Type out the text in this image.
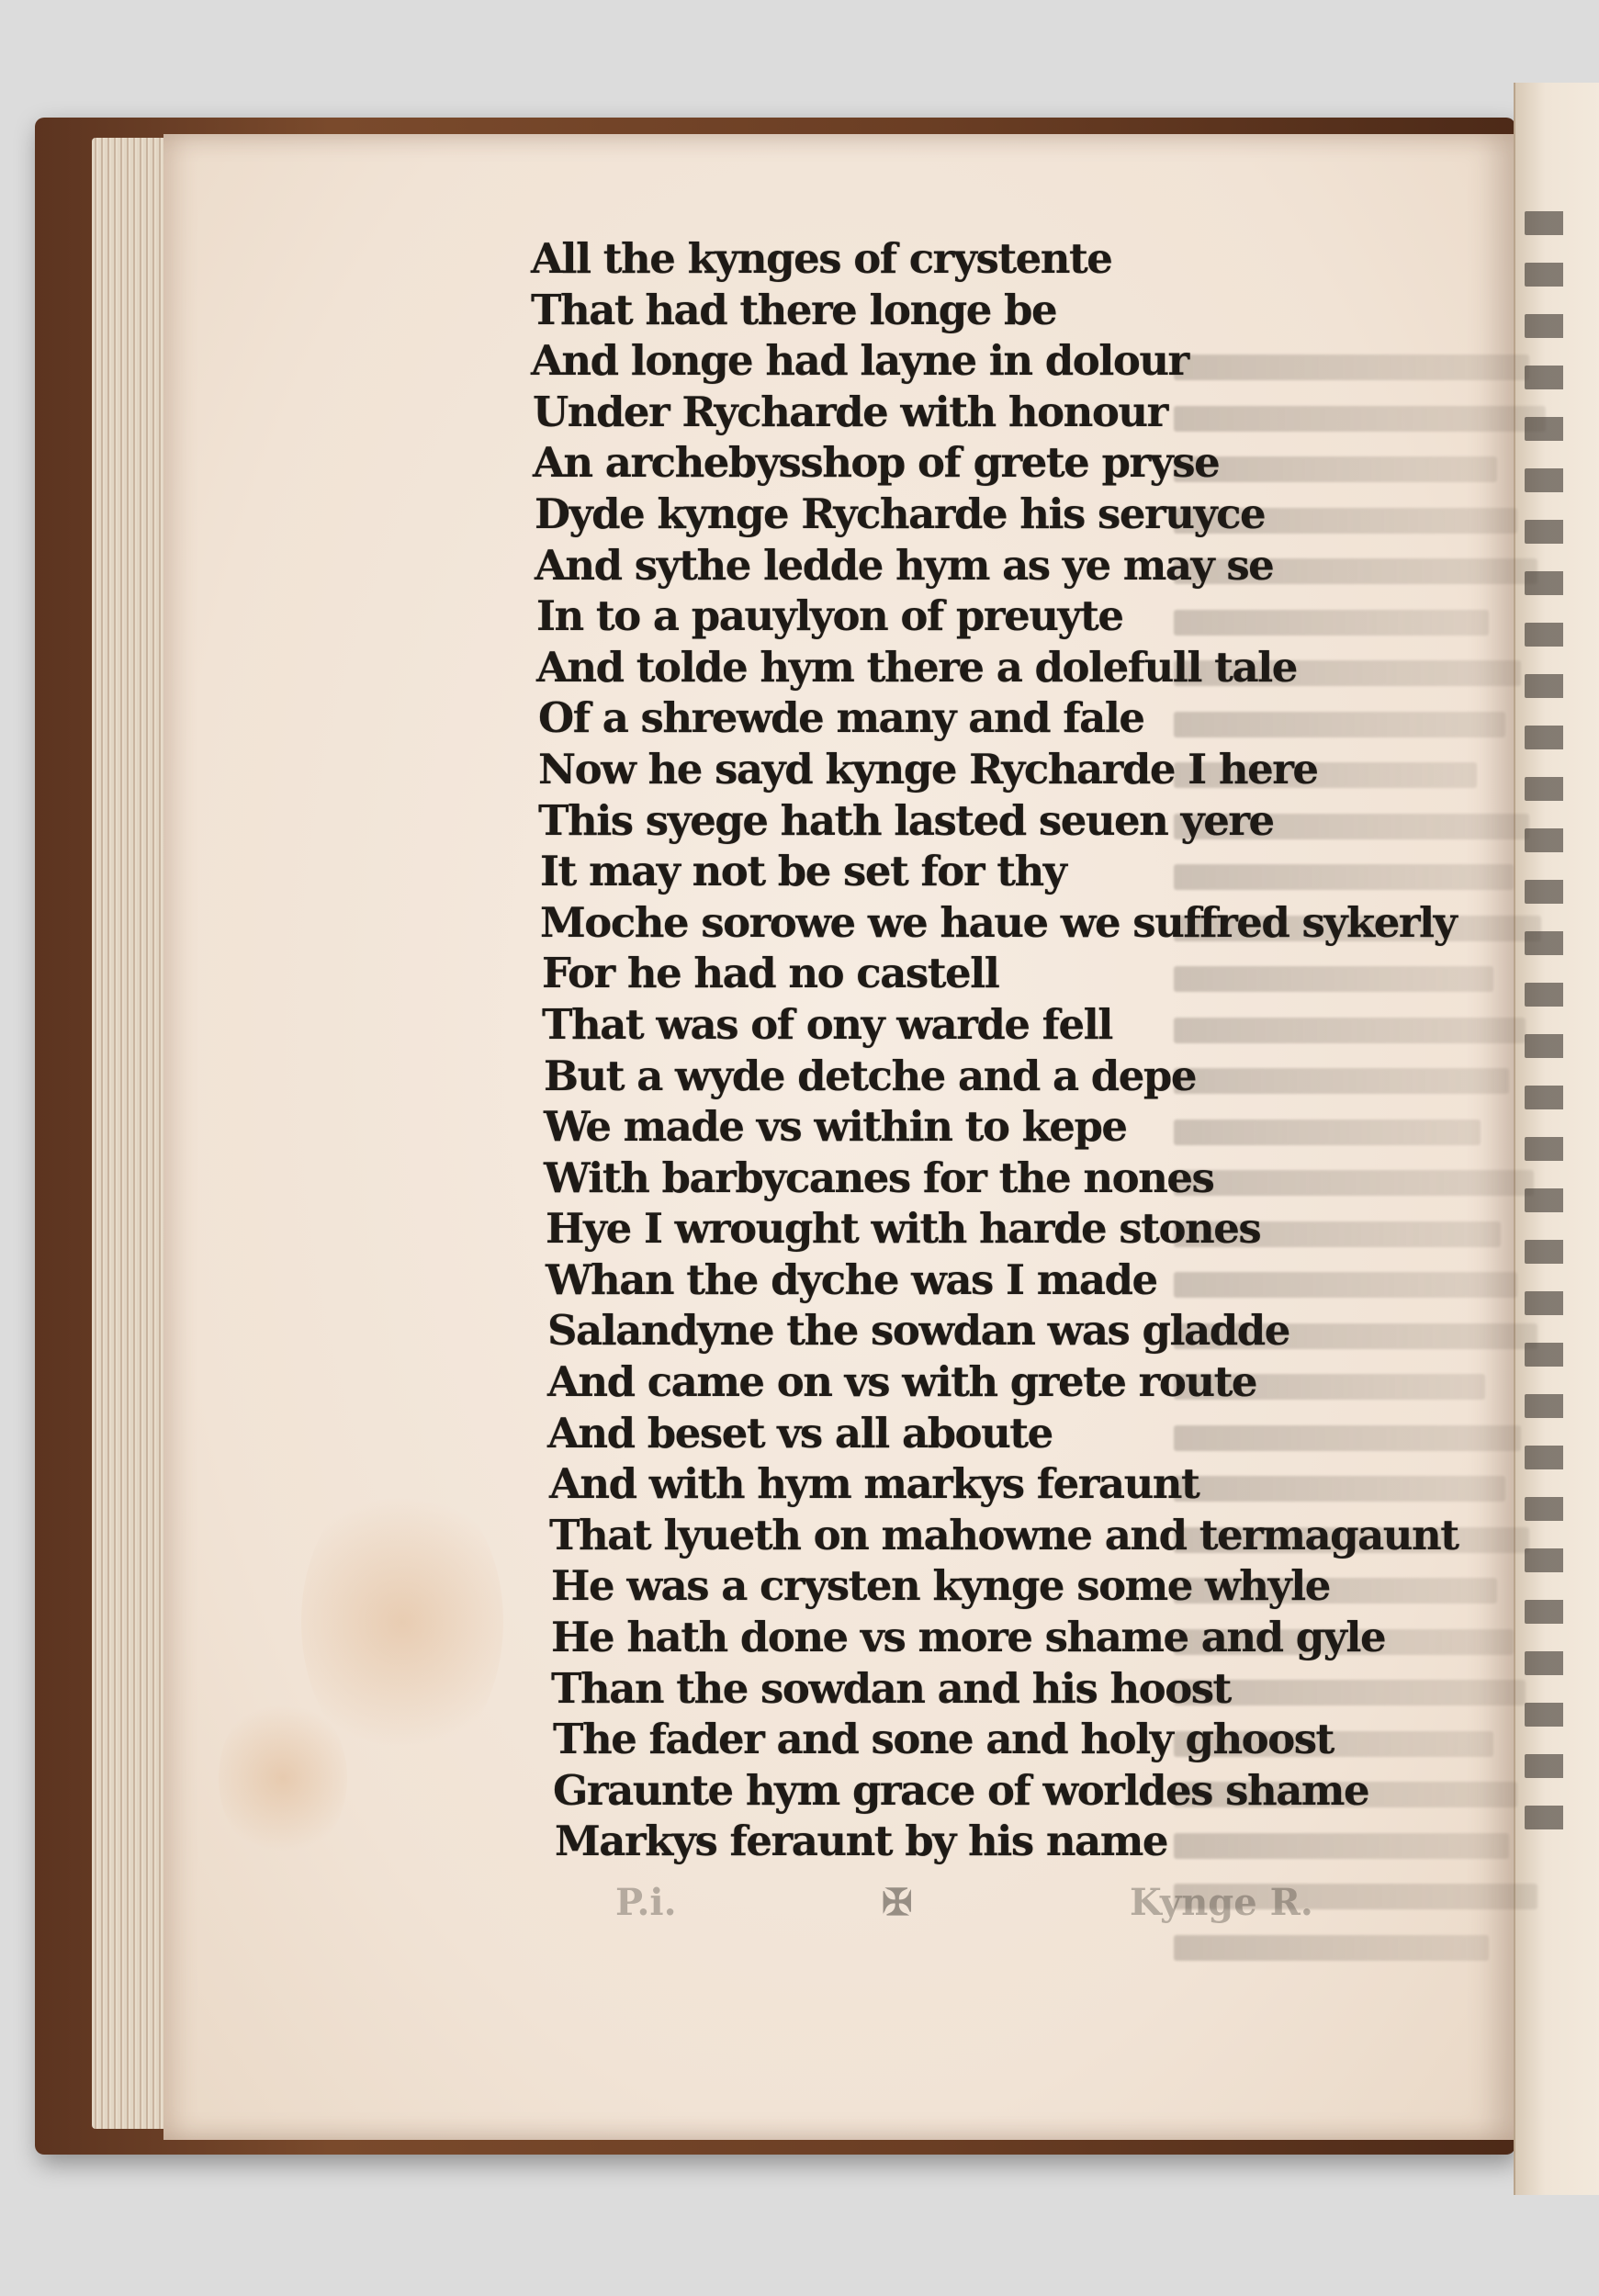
All the kynges of crystente
That had there longe be
And longe had layne in dolour
Under Rycharde with honour
An archebysshop of grete pryse
Dyde kynge Rycharde his seruyce
And sythe ledde hym as ye may se
In to a pauylyon of preuyte
And tolde hym there a dolefull tale
Of a shrewde many and fale
Now he sayd kynge Rycharde I here
This syege hath lasted seuen yere
It may not be set for thy
Moche sorowe we haue we suffred sykerly
For he had no castell
That was of ony warde fell
But a wyde detche and a depe
We made vs within to kepe
With barbycanes for the nones
Hye I wrought with harde stones
Whan the dyche was I made
Salandyne the sowdan was gladde
And came on vs with grete route
And beset vs all aboute
And with hym markys feraunt
That lyueth on mahowne and termagaunt
He was a crysten kynge some whyle
He hath done vs more shame and gyle
Than the sowdan and his hoost
The fader and sone and holy ghoost
Graunte hym grace of worldes shame
Markys feraunt by his name
P.i.	✠	Kynge R.
